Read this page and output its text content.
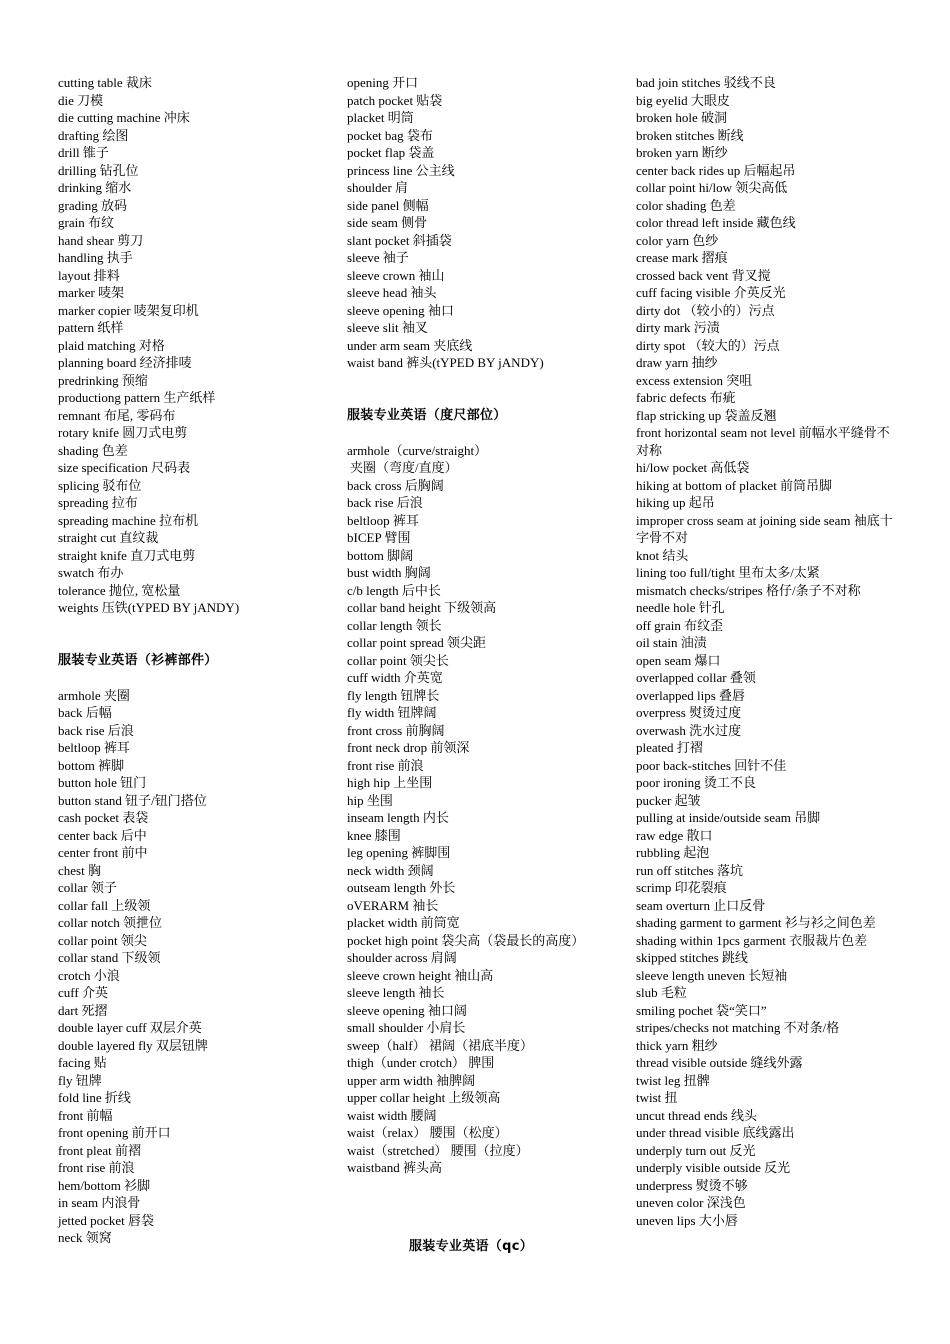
cutting table 裁床
die 刀模
die cutting machine 冲床
drafting 绘图
drill 锥子
drilling 钻孔位
drinking 缩水
grading 放码
grain 布纹
hand shear 剪刀
handling 执手
layout 排料
marker 唛架
marker copier 唛架复印机
pattern 纸样
plaid matching 对格
planning board 经济排唛
predrinking 预缩
productiong pattern 生产纸样
remnant 布尾, 零码布
rotary knife 圆刀式电剪
shading 色差
size specification 尺码表
splicing 驳布位
spreading 拉布
spreading machine 拉布机
straight cut 直纹裁
straight knife 直刀式电剪
swatch 布办
tolerance 抛位, 宽松量
weights 压铁(tYPED BY jANDY)
服装专业英语（衫裤部件）
armhole 夹圈
back 后幅
back rise 后浪
beltloop 裤耳
bottom 裤脚
button hole 钮门
button stand 钮子/钮门搭位
cash pocket 表袋
center back 后中
center front 前中
chest 胸
collar 领子
collar fall 上级领
collar notch 领抴位
collar point 领尖
collar stand 下级领
crotch 小浪
cuff 介英
dart 死摺
double layer cuff 双层介英
double layered fly 双层钮牌
facing 贴
fly 钮牌
fold line 折线
front 前幅
front opening 前开口
front pleat 前褶
front rise 前浪
hem/bottom 衫脚
in seam 内浪骨
jetted pocket 唇袋
neck 领窝
opening 开口
patch pocket 贴袋
placket 明筒
pocket bag 袋布
pocket flap 袋盖
princess line 公主线
shoulder 肩
side panel 侧幅
side seam 侧骨
slant pocket 斜插袋
sleeve 袖子
sleeve crown 袖山
sleeve head 袖头
sleeve opening 袖口
sleeve slit 袖叉
under arm seam 夹底线
waist band 裤头(tYPED BY jANDY)
服装专业英语（度尺部位）
armhole（curve/straight）
夹圈（弯度/直度）
back cross 后胸阔
back rise 后浪
beltloop 裤耳
bICEP 臂围
bottom 脚阔
bust width 胸阔
c/b length 后中长
collar band height 下级领高
collar length 领长
collar point spread 领尖距
collar point 领尖长
cuff width 介英宽
fly length 钮牌长
fly width 钮牌阔
front cross 前胸阔
front neck drop 前领深
front rise 前浪
high hip 上坐围
hip 坐围
inseam length 内长
knee 膝围
leg opening 裤脚围
neck width 颈阔
outseam length 外长
oVERARM 袖长
placket width 前筒宽
pocket high point 袋尖高（袋最长的高度）
shoulder across 肩阔
sleeve crown height 袖山高
sleeve length 袖长
sleeve opening 袖口阔
small shoulder 小肩长
sweep（half） 裙阔（裙底半度）
thigh（under crotch） 脾围
upper arm width 袖脾阔
upper collar height 上级领高
waist width 腰阔
waist（relax） 腰围（松度）
waist（stretched） 腰围（拉度）
waistband 裤头高
bad join stitches 驳线不良
big eyelid 大眼皮
broken hole 破洞
broken stitches 断线
broken yarn 断纱
center back rides up 后幅起吊
collar point hi/low 领尖高低
color shading 色差
color thread left inside 藏色线
color yarn 色纱
crease mark 摺痕
crossed back vent 背叉搅
cuff facing visible 介英反光
dirty dot （较小的）污点
dirty mark 污渍
dirty spot （较大的）污点
draw yarn 抽纱
excess extension 突咀
fabric defects 布疵
flap stricking up 袋盖反翘
front horizontal seam not level 前幅水平缝骨不对称
hi/low pocket 高低袋
hiking at bottom of placket 前筒吊脚
hiking up 起吊
improper cross seam at joining side seam 袖底十字骨不对
knot 结头
lining too full/tight 里布太多/太紧
mismatch checks/stripes 格仔/条子不对称
needle hole 针孔
off grain 布纹歪
oil stain 油渍
open seam 爆口
overlapped collar 叠领
overlapped lips 叠唇
overpress 熨烫过度
overwash 洗水过度
pleated 打褶
poor back-stitches 回针不佳
poor ironing 烫工不良
pucker 起皱
pulling at inside/outside seam 吊脚
raw edge 散口
rubbling 起泡
run off stitches 落坑
scrimp 印花裂痕
seam overturn 止口反骨
shading garment to garment 衫与衫之间色差
shading within 1pcs garment 衣服裁片色差
skipped stitches 跳线
sleeve length uneven 长短袖
slub 毛粒
smiling pochet 袋“笑口”
stripes/checks not matching 不对条/格
thick yarn 粗纱
thread visible outside 缝线外露
twist leg 扭髀
twist 扭
uncut thread ends 线头
under thread visible 底线露出
underply turn out 反光
underply visible outside 反光
underpress 熨烫不够
uneven color 深浅色
uneven lips 大小唇
服装专业英语（qc）
